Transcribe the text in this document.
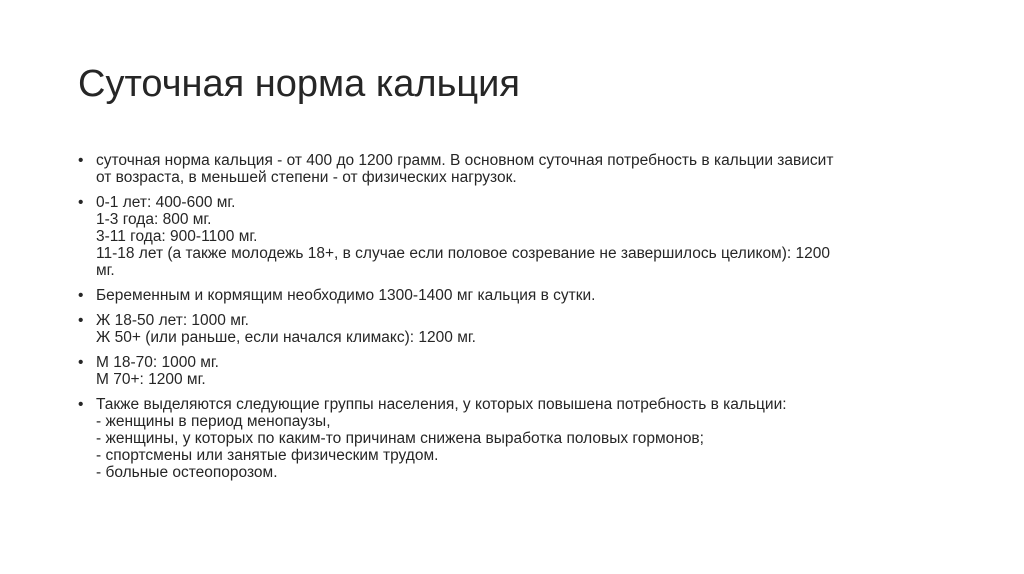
Суточная норма кальция
• суточная норма кальция - от 400 до 1200 грамм. В основном суточная потребность в кальции зависит
от возраста, в меньшей степени - от физических нагрузок.
• 0-1 лет: 400-600 мг.
1-3 года: 800 мг.
3-11 года: 900-1100 мг.
11-18 лет (а также молодежь 18+, в случае если половое созревание не завершилось целиком): 1200
мг.
• Беременным и кормящим необходимо 1300-1400 мг кальция в сутки.
• Ж 18-50 лет: 1000 мг.
Ж 50+ (или раньше, если начался климакс): 1200 мг.
• М 18-70: 1000 мг.
М 70+: 1200 мг.
• Также выделяются следующие группы населения, у которых повышена потребность в кальции:
- женщины в период менопаузы,
- женщины, у которых по каким-то причинам снижена выработка половых гормонов;
- спортсмены или занятые физическим трудом.
- больные остеопорозом.
